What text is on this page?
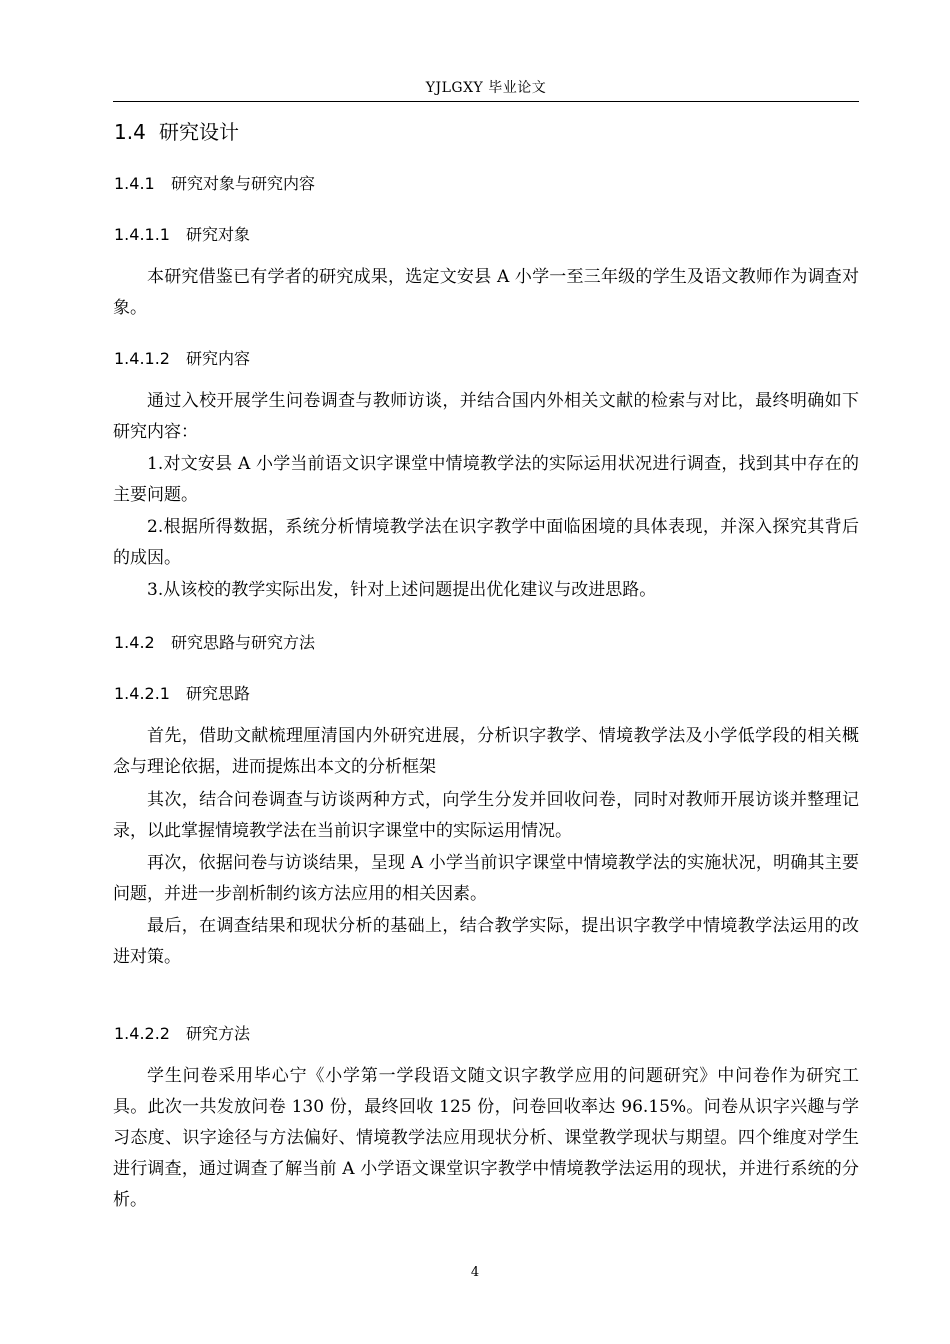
YJLGXY 毕业论文
1.4 研究设计
1.4.1 研究对象与研究内容
1.4.1.1 研究对象

本研究借鉴已有学者的研究成果，选定文安县 A 小学一至三年级的学生及语文教师作为调查对象。

1.4.1.2 研究内容

通过入校开展学生问卷调查与教师访谈，并结合国内外相关文献的检索与对比，最终明确如下研究内容：

1.对文安县 A 小学当前语文识字课堂中情境教学法的实际运用状况进行调查，找到其中存在的主要问题。

2.根据所得数据，系统分析情境教学法在识字教学中面临困境的具体表现，并深入探究其背后的成因。

3.从该校的教学实际出发，针对上述问题提出优化建议与改进思路。

1.4.2 研究思路与研究方法
1.4.2.1 研究思路

首先，借助文献梳理厘清国内外研究进展，分析识字教学、情境教学法及小学低学段的相关概念与理论依据，进而提炼出本文的分析框架

其次，结合问卷调查与访谈两种方式，向学生分发并回收问卷，同时对教师开展访谈并整理记录，以此掌握情境教学法在当前识字课堂中的实际运用情况。

再次，依据问卷与访谈结果，呈现 A 小学当前识字课堂中情境教学法的实施状况，明确其主要问题，并进一步剖析制约该方法应用的相关因素。

最后，在调查结果和现状分析的基础上，结合教学实际，提出识字教学中情境教学法运用的改进对策。

1.4.2.2 研究方法

学生问卷采用毕心宁《小学第一学段语文随文识字教学应用的问题研究》中问卷作为研究工具。此次一共发放问卷 130 份，最终回收 125 份，问卷回收率达 96.15%。问卷从识字兴趣与学习态度、识字途径与方法偏好、情境教学法应用现状分析、课堂教学现状与期望。四个维度对学生进行调查，通过调查了解当前 A 小学语文课堂识字教学中情境教学法运用的现状，并进行系统的分析。

4
